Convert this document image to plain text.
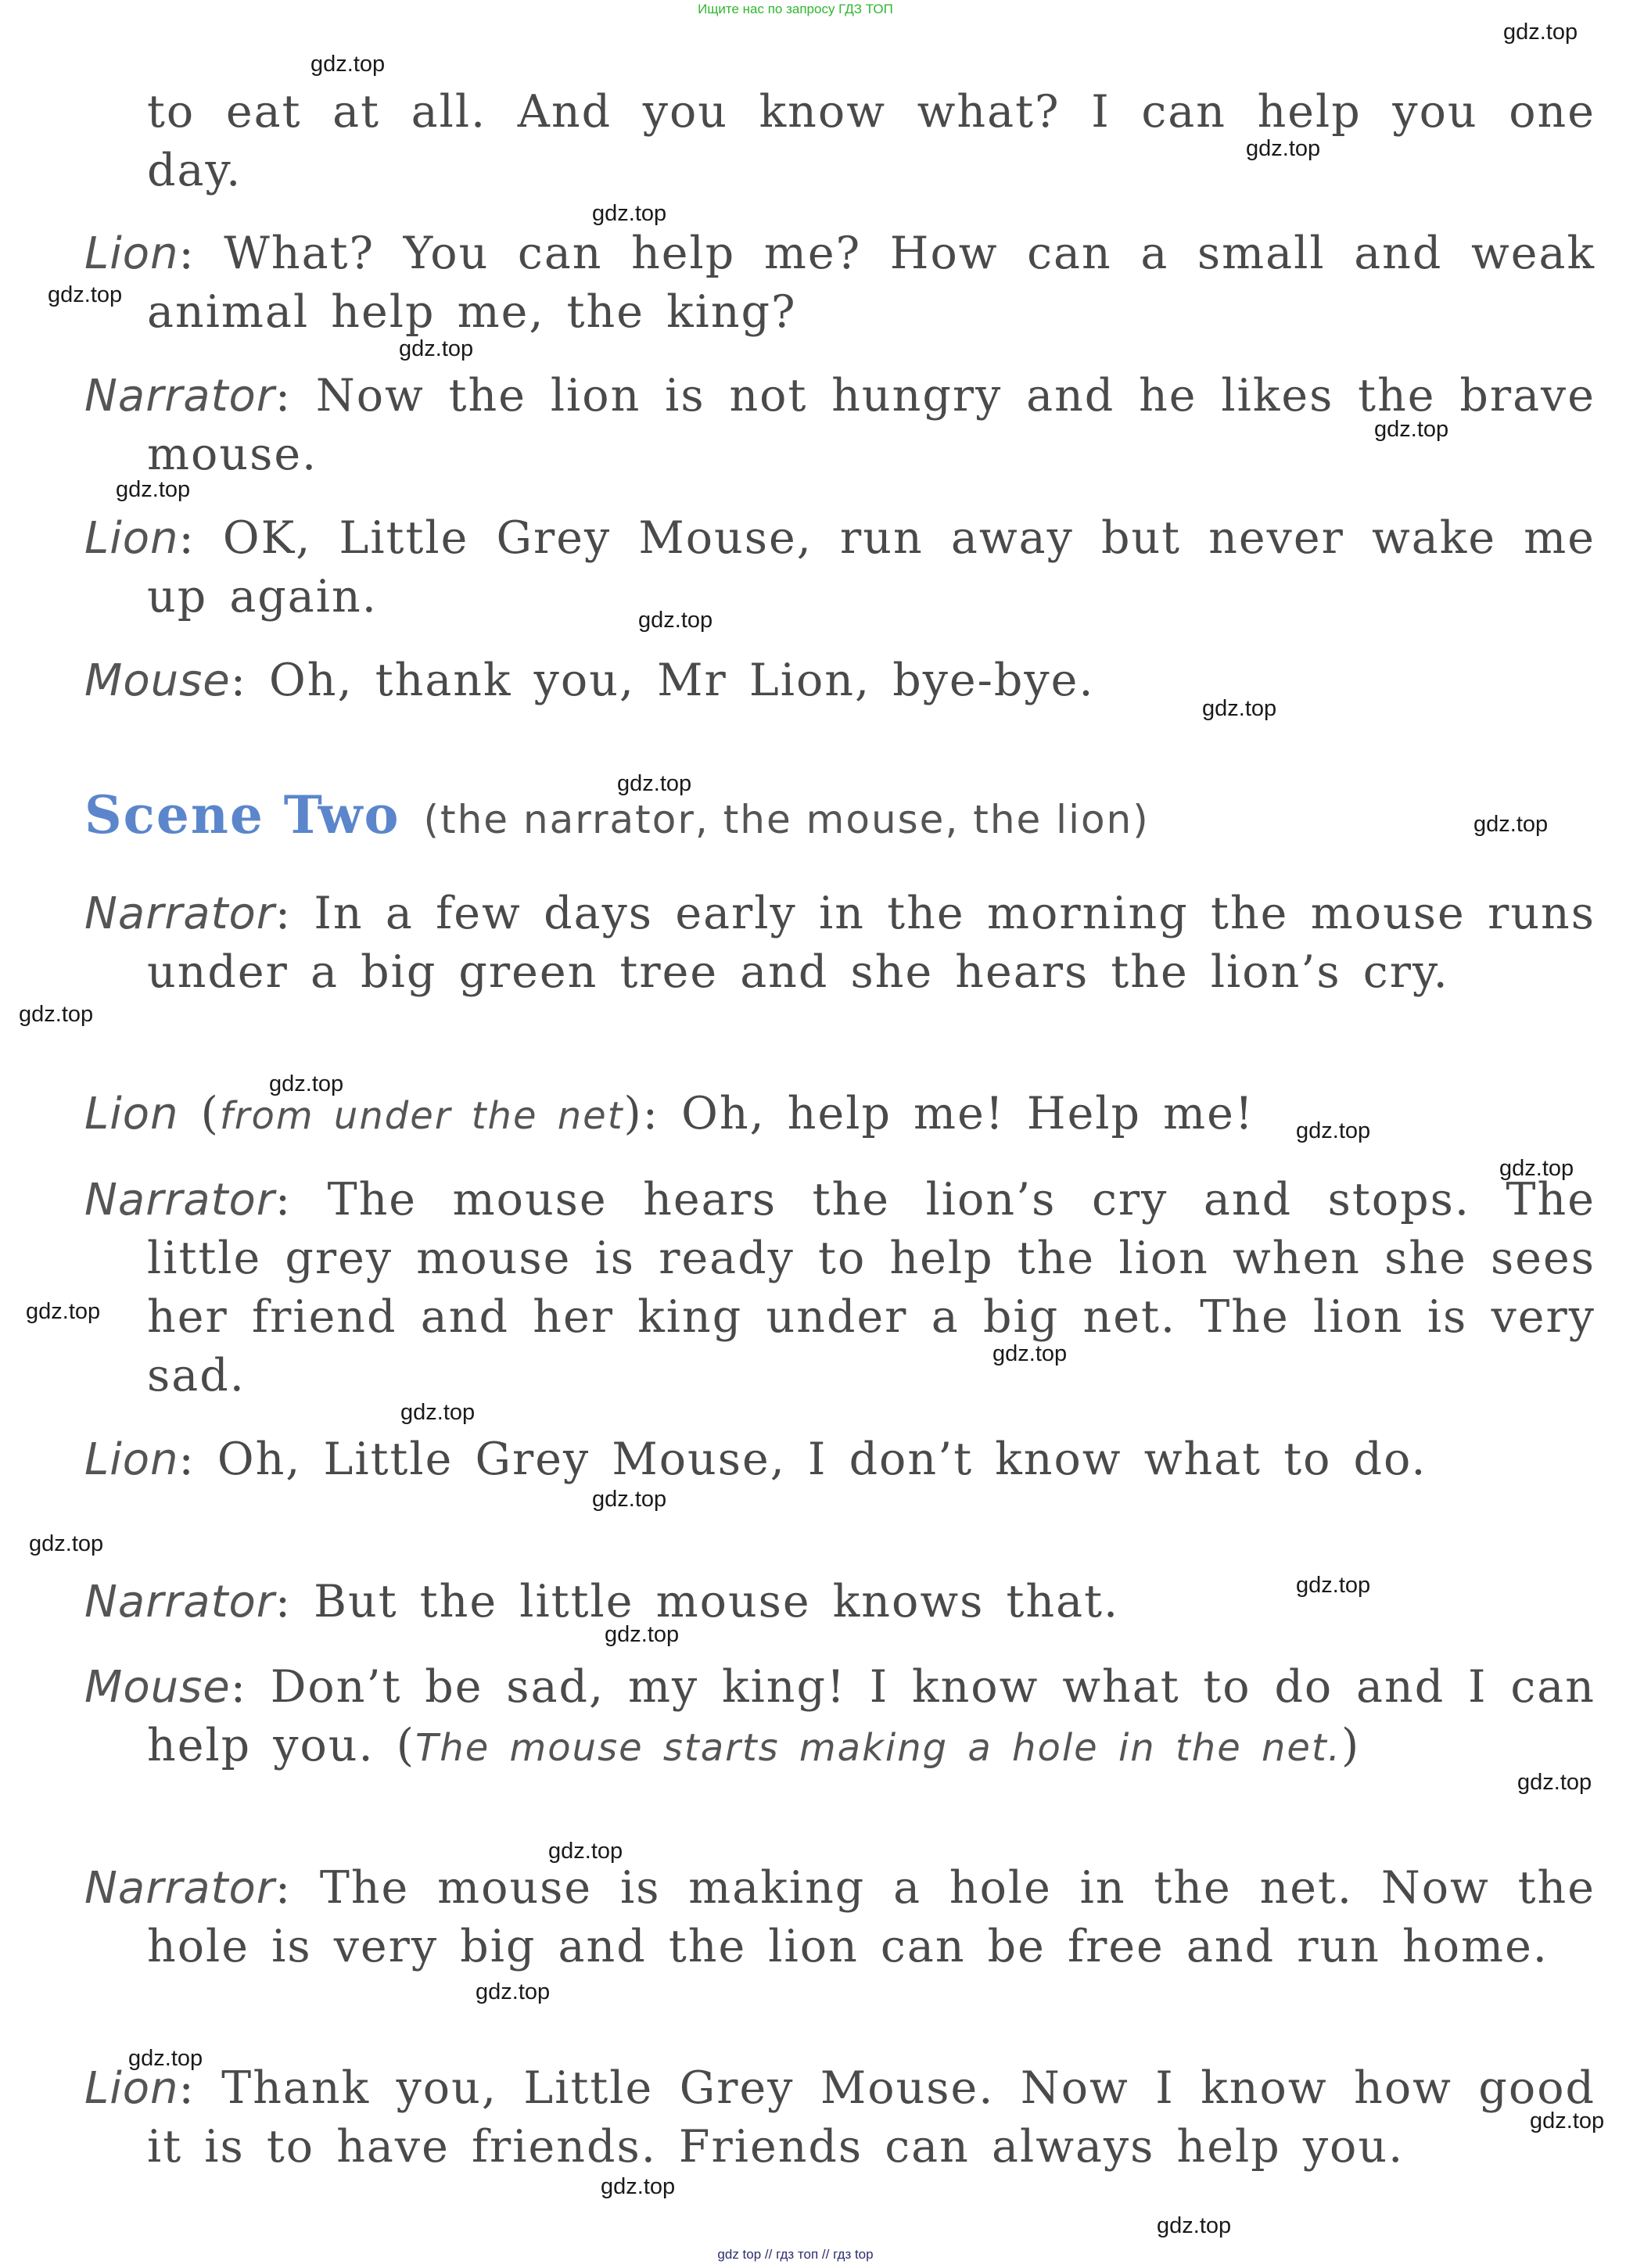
Ищите нас по запросу ГДЗ ТОП
to eat at all. And you know what? I can help you one day.
Lion: What? You can help me? How can a small and weak animal help me, the king?
Narrator: Now the lion is not hungry and he likes the brave mouse.
Lion: OK, Little Grey Mouse, run away but never wake me up again.
Mouse: Oh, thank you, Mr Lion, bye-bye.
Scene Two (the narrator, the mouse, the lion)
Narrator: In a few days early in the morning the mouse runs under a big green tree and she hears the lion’s cry.
Lion (from under the net): Oh, help me! Help me!
Narrator: The mouse hears the lion’s cry and stops. The little grey mouse is ready to help the lion when she sees her friend and her king under a big net. The lion is very sad.
Lion: Oh, Little Grey Mouse, I don’t know what to do.
Narrator: But the little mouse knows that.
Mouse: Don’t be sad, my king! I know what to do and I can help you. (The mouse starts making a hole in the net.)
Narrator: The mouse is making a hole in the net. Now the hole is very big and the lion can be free and run home.
Lion: Thank you, Little Grey Mouse. Now I know how good it is to have friends. Friends can always help you.
gdz.top
gdz.top
gdz.top
gdz.top
gdz.top
gdz.top
gdz.top
gdz.top
gdz.top
gdz.top
gdz.top
gdz.top
gdz.top
gdz.top
gdz.top
gdz.top
gdz.top
gdz.top
gdz.top
gdz.top
gdz.top
gdz.top
gdz.top
gdz.top
gdz.top
gdz.top
gdz.top
gdz.top
gdz.top
gdz.top
gdz top // гдз топ // гдз top
